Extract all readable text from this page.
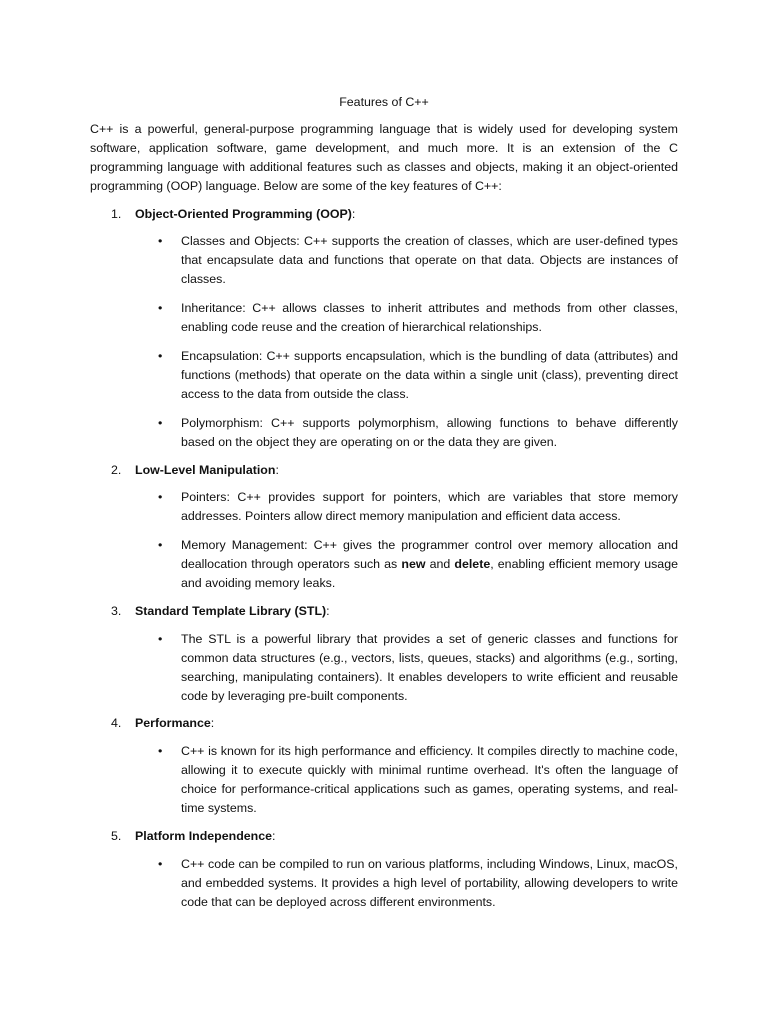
Features of C++

C++ is a powerful, general-purpose programming language that is widely used for developing system software, application software, game development, and much more. It is an extension of the C programming language with additional features such as classes and objects, making it an object-oriented programming (OOP) language. Below are some of the key features of C++:

1. Object-Oriented Programming (OOP):
• Classes and Objects: C++ supports the creation of classes, which are user-defined types that encapsulate data and functions that operate on that data. Objects are instances of classes.
• Inheritance: C++ allows classes to inherit attributes and methods from other classes, enabling code reuse and the creation of hierarchical relationships.
• Encapsulation: C++ supports encapsulation, which is the bundling of data (attributes) and functions (methods) that operate on the data within a single unit (class), preventing direct access to the data from outside the class.
• Polymorphism: C++ supports polymorphism, allowing functions to behave differently based on the object they are operating on or the data they are given.
2. Low-Level Manipulation:
• Pointers: C++ provides support for pointers, which are variables that store memory addresses. Pointers allow direct memory manipulation and efficient data access.
• Memory Management: C++ gives the programmer control over memory allocation and deallocation through operators such as new and delete, enabling efficient memory usage and avoiding memory leaks.
3. Standard Template Library (STL):
• The STL is a powerful library that provides a set of generic classes and functions for common data structures (e.g., vectors, lists, queues, stacks) and algorithms (e.g., sorting, searching, manipulating containers). It enables developers to write efficient and reusable code by leveraging pre-built components.
4. Performance:
• C++ is known for its high performance and efficiency. It compiles directly to machine code, allowing it to execute quickly with minimal runtime overhead. It's often the language of choice for performance-critical applications such as games, operating systems, and real-time systems.
5. Platform Independence:
• C++ code can be compiled to run on various platforms, including Windows, Linux, macOS, and embedded systems. It provides a high level of portability, allowing developers to write code that can be deployed across different environments.
